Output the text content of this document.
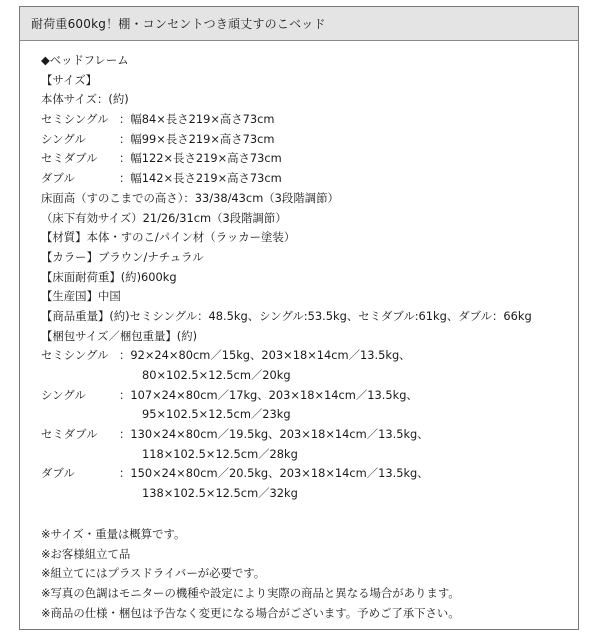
耐荷重600kg！棚・コンセントつき頑丈すのこベッド
◆ベッドフレーム
【サイズ】
本体サイズ：(約)
セミシングル ：幅84×長さ219×高さ73cm
シングル	：幅99×長さ219×高さ73cm
セミダブル	：幅122×長さ219×高さ73cm
ダブル	：幅142×長さ219×高さ73cm
床面高（すのこまでの高さ）：33/38/43cm（3段階調節）
（床下有効サイズ）21/26/31cm（3段階調節）
【材質】本体・すのこ/パイン材（ラッカー塗装）
【カラー】ブラウン/ナチュラル
【床面耐荷重】(約)600kg
【生産国】中国
【商品重量】(約)セミシングル：48.5kg、シングル:53.5kg、セミダブル:61kg、ダブル：66kg
【梱包サイズ／梱包重量】(約)
セミシングル ：92×24×80cm／15kg、203×18×14cm／13.5kg、
80×102.5×12.5cm／20kg
シングル	：107×24×80cm／17kg、203×18×14cm／13.5kg、
95×102.5×12.5cm／23kg
セミダブル	：130×24×80cm／19.5kg、203×18×14cm／13.5kg、
118×102.5×12.5cm／28kg
ダブル	：150×24×80cm／20.5kg、203×18×14cm／13.5kg、
138×102.5×12.5cm／32kg
※サイズ・重量は概算です。
※お客様組立て品
※組立てにはプラスドライバーが必要です。
※写真の色調はモニターの機種や設定により実際の商品と異なる場合があります。
※商品の仕様・梱包は予告なく変更になる場合がございます。予めご了承下さい。
